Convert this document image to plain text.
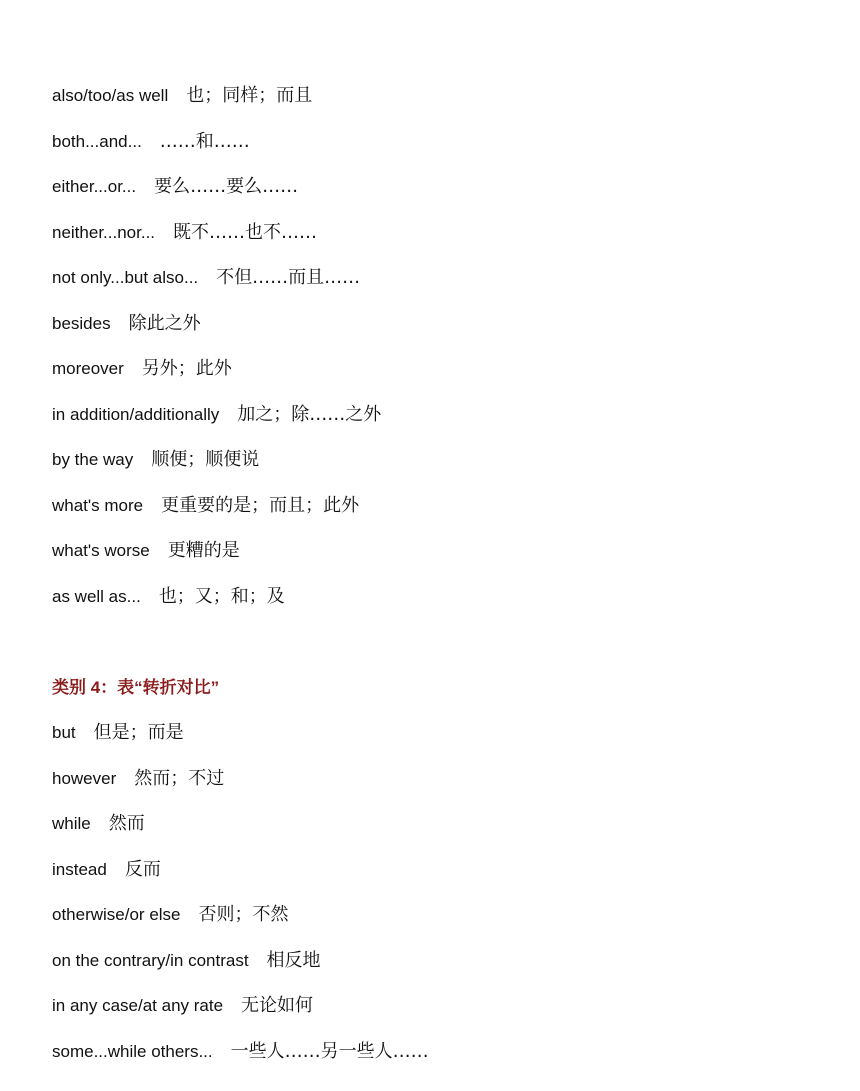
also/too/as well 也；同样；而且
both...and... ……和……
either...or... 要么……要么……
neither...nor... 既不……也不……
not only...but also... 不但……而且……
besides 除此之外
moreover 另外；此外
in addition/additionally 加之；除……之外
by the way 顺便；顺便说
what's more 更重要的是；而且；此外
what's worse 更糟的是
as well as... 也；又；和；及
类别 4：表“转折对比”
but 但是；而是
however 然而；不过
while 然而
instead 反而
otherwise/or else 否则；不然
on the contrary/in contrast 相反地
in any case/at any rate 无论如何
some...while others... 一些人……另一些人……
